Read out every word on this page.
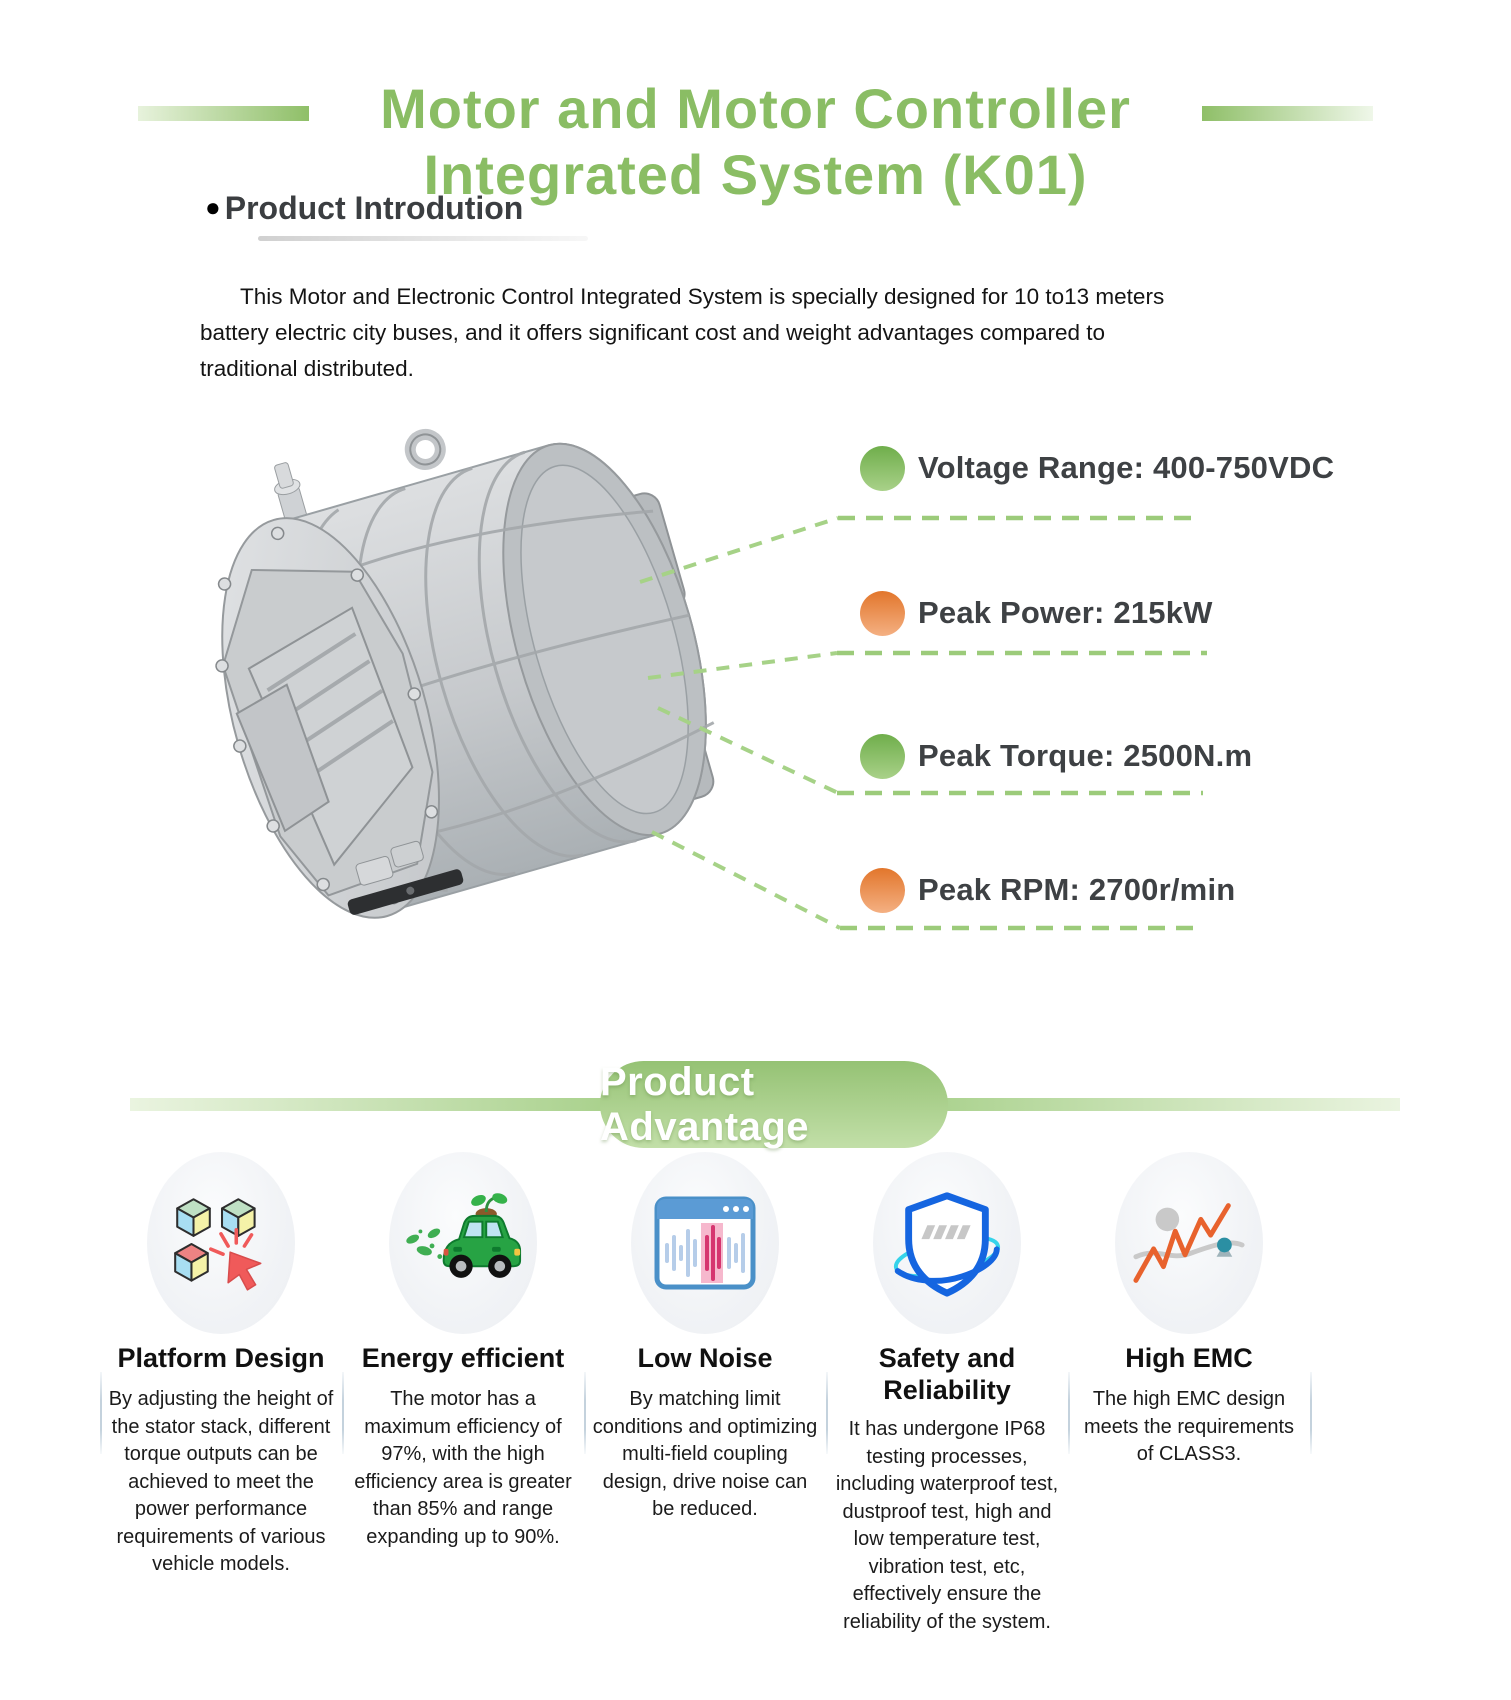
Motor and Motor Controller
Integrated System (K01)
● Product Introdution

This Motor and Electronic Control Integrated System is specially designed for 10 to13 meters battery electric city buses, and it offers significant cost and weight advantages compared to traditional distributed.

Voltage Range: 400-750VDC
Peak Power: 215kW
Peak Torque: 2500N.m
Peak RPM: 2700r/min
Product Advantage
Platform Design
By adjusting the height of the stator stack, different torque outputs can be achieved to meet the power performance requirements of various vehicle models.
Energy efficient
The motor has a maximum efficiency of 97%, with the high efficiency area is greater than 85% and range expanding up to 90%.
Low Noise
By matching limit conditions and optimizing multi-field coupling design, drive noise can be reduced.
Safety and Reliability
It has undergone IP68 testing processes, including waterproof test, dustproof test, high and low temperature test, vibration test, etc, effectively ensure the reliability of the system.
High EMC
The high EMC design meets the requirements of CLASS3.
